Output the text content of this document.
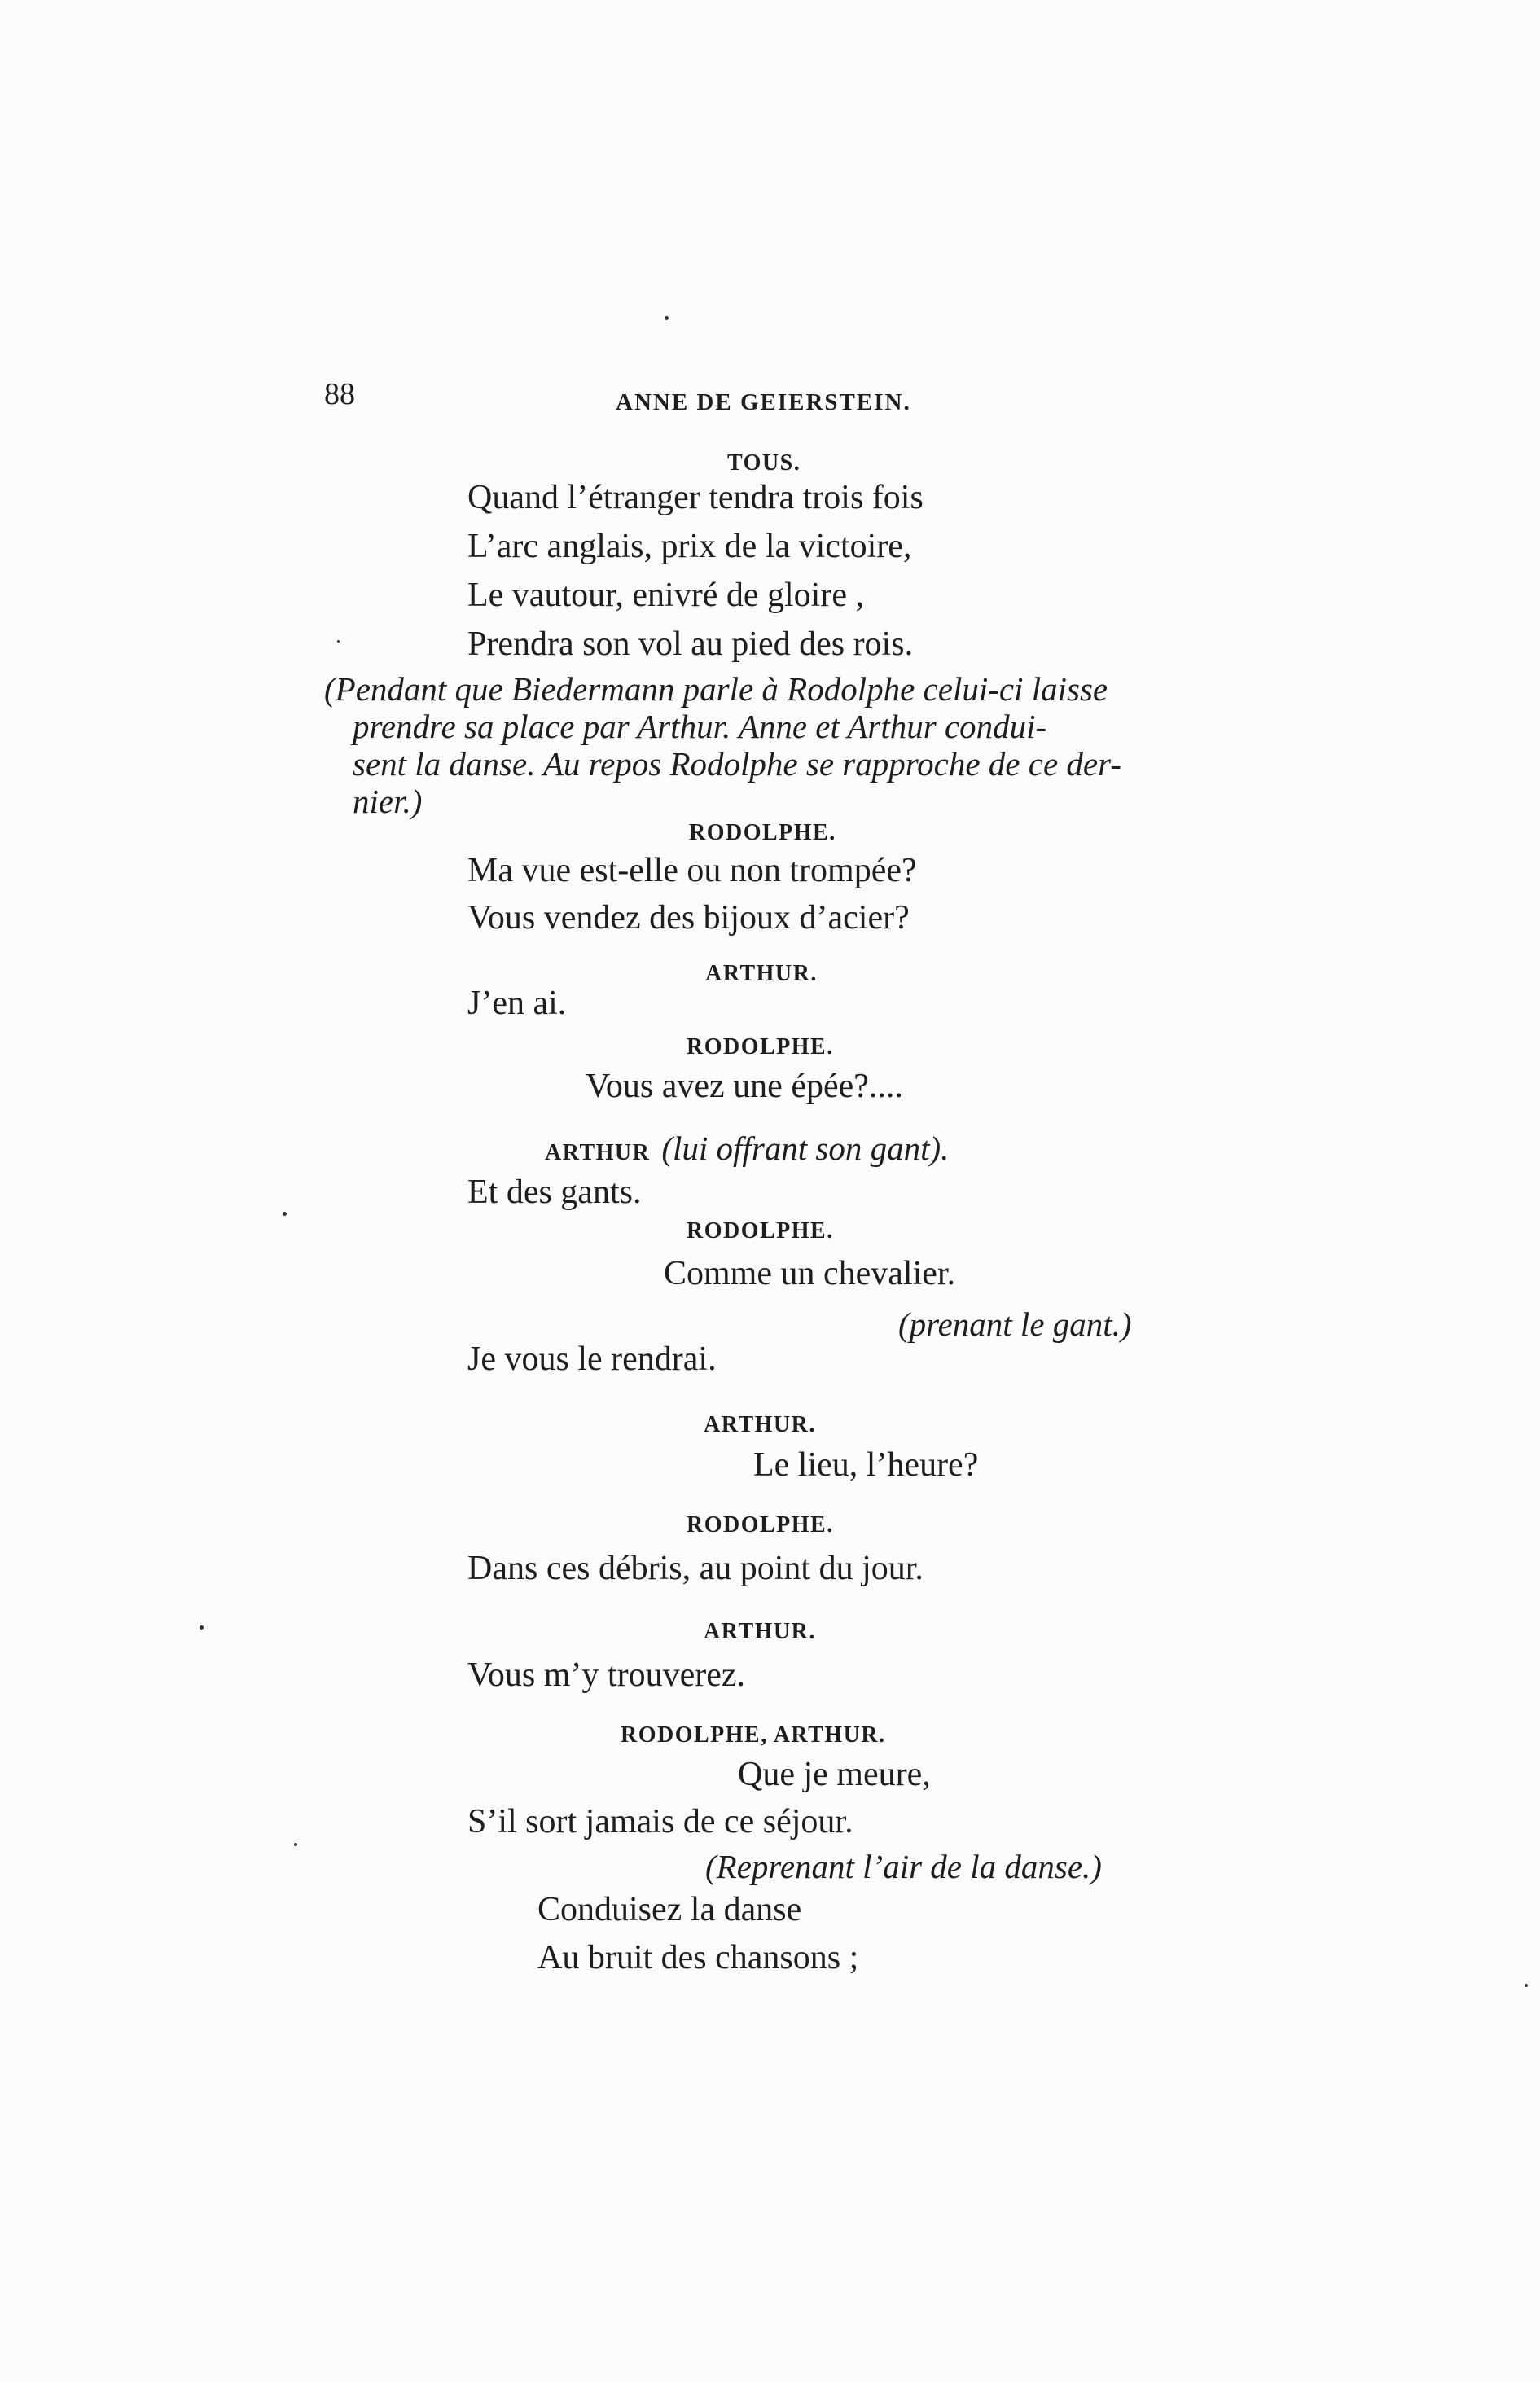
88	ANNE DE GEIERSTEIN.
TOUS.
Quand l’étranger tendra trois fois
L’arc anglais, prix de la victoire,
Le vautour, enivré de gloire ,
Prendra son vol au pied des rois.
(Pendant que Biedermann parle à Rodolphe celui-ci laisse
prendre sa place par Arthur. Anne et Arthur condui-
sent la danse. Au repos Rodolphe se rapproche de ce der-
nier.)
RODOLPHE.
Ma vue est-elle ou non trompée?
Vous vendez des bijoux d’acier?
ARTHUR.
J’en ai.
RODOLPHE.
Vous avez une épée?....
ARTHUR (lui offrant son gant).
Et des gants.
RODOLPHE.
Comme un chevalier.
(prenant le gant.)
Je vous le rendrai.
ARTHUR.
Le lieu, l’heure?
RODOLPHE.
Dans ces débris, au point du jour.
ARTHUR.
Vous m’y trouverez.
RODOLPHE, ARTHUR.
Que je meure,
S’il sort jamais de ce séjour.
(Reprenant l’air de la danse.)
Conduisez la danse
Au bruit des chansons ;
